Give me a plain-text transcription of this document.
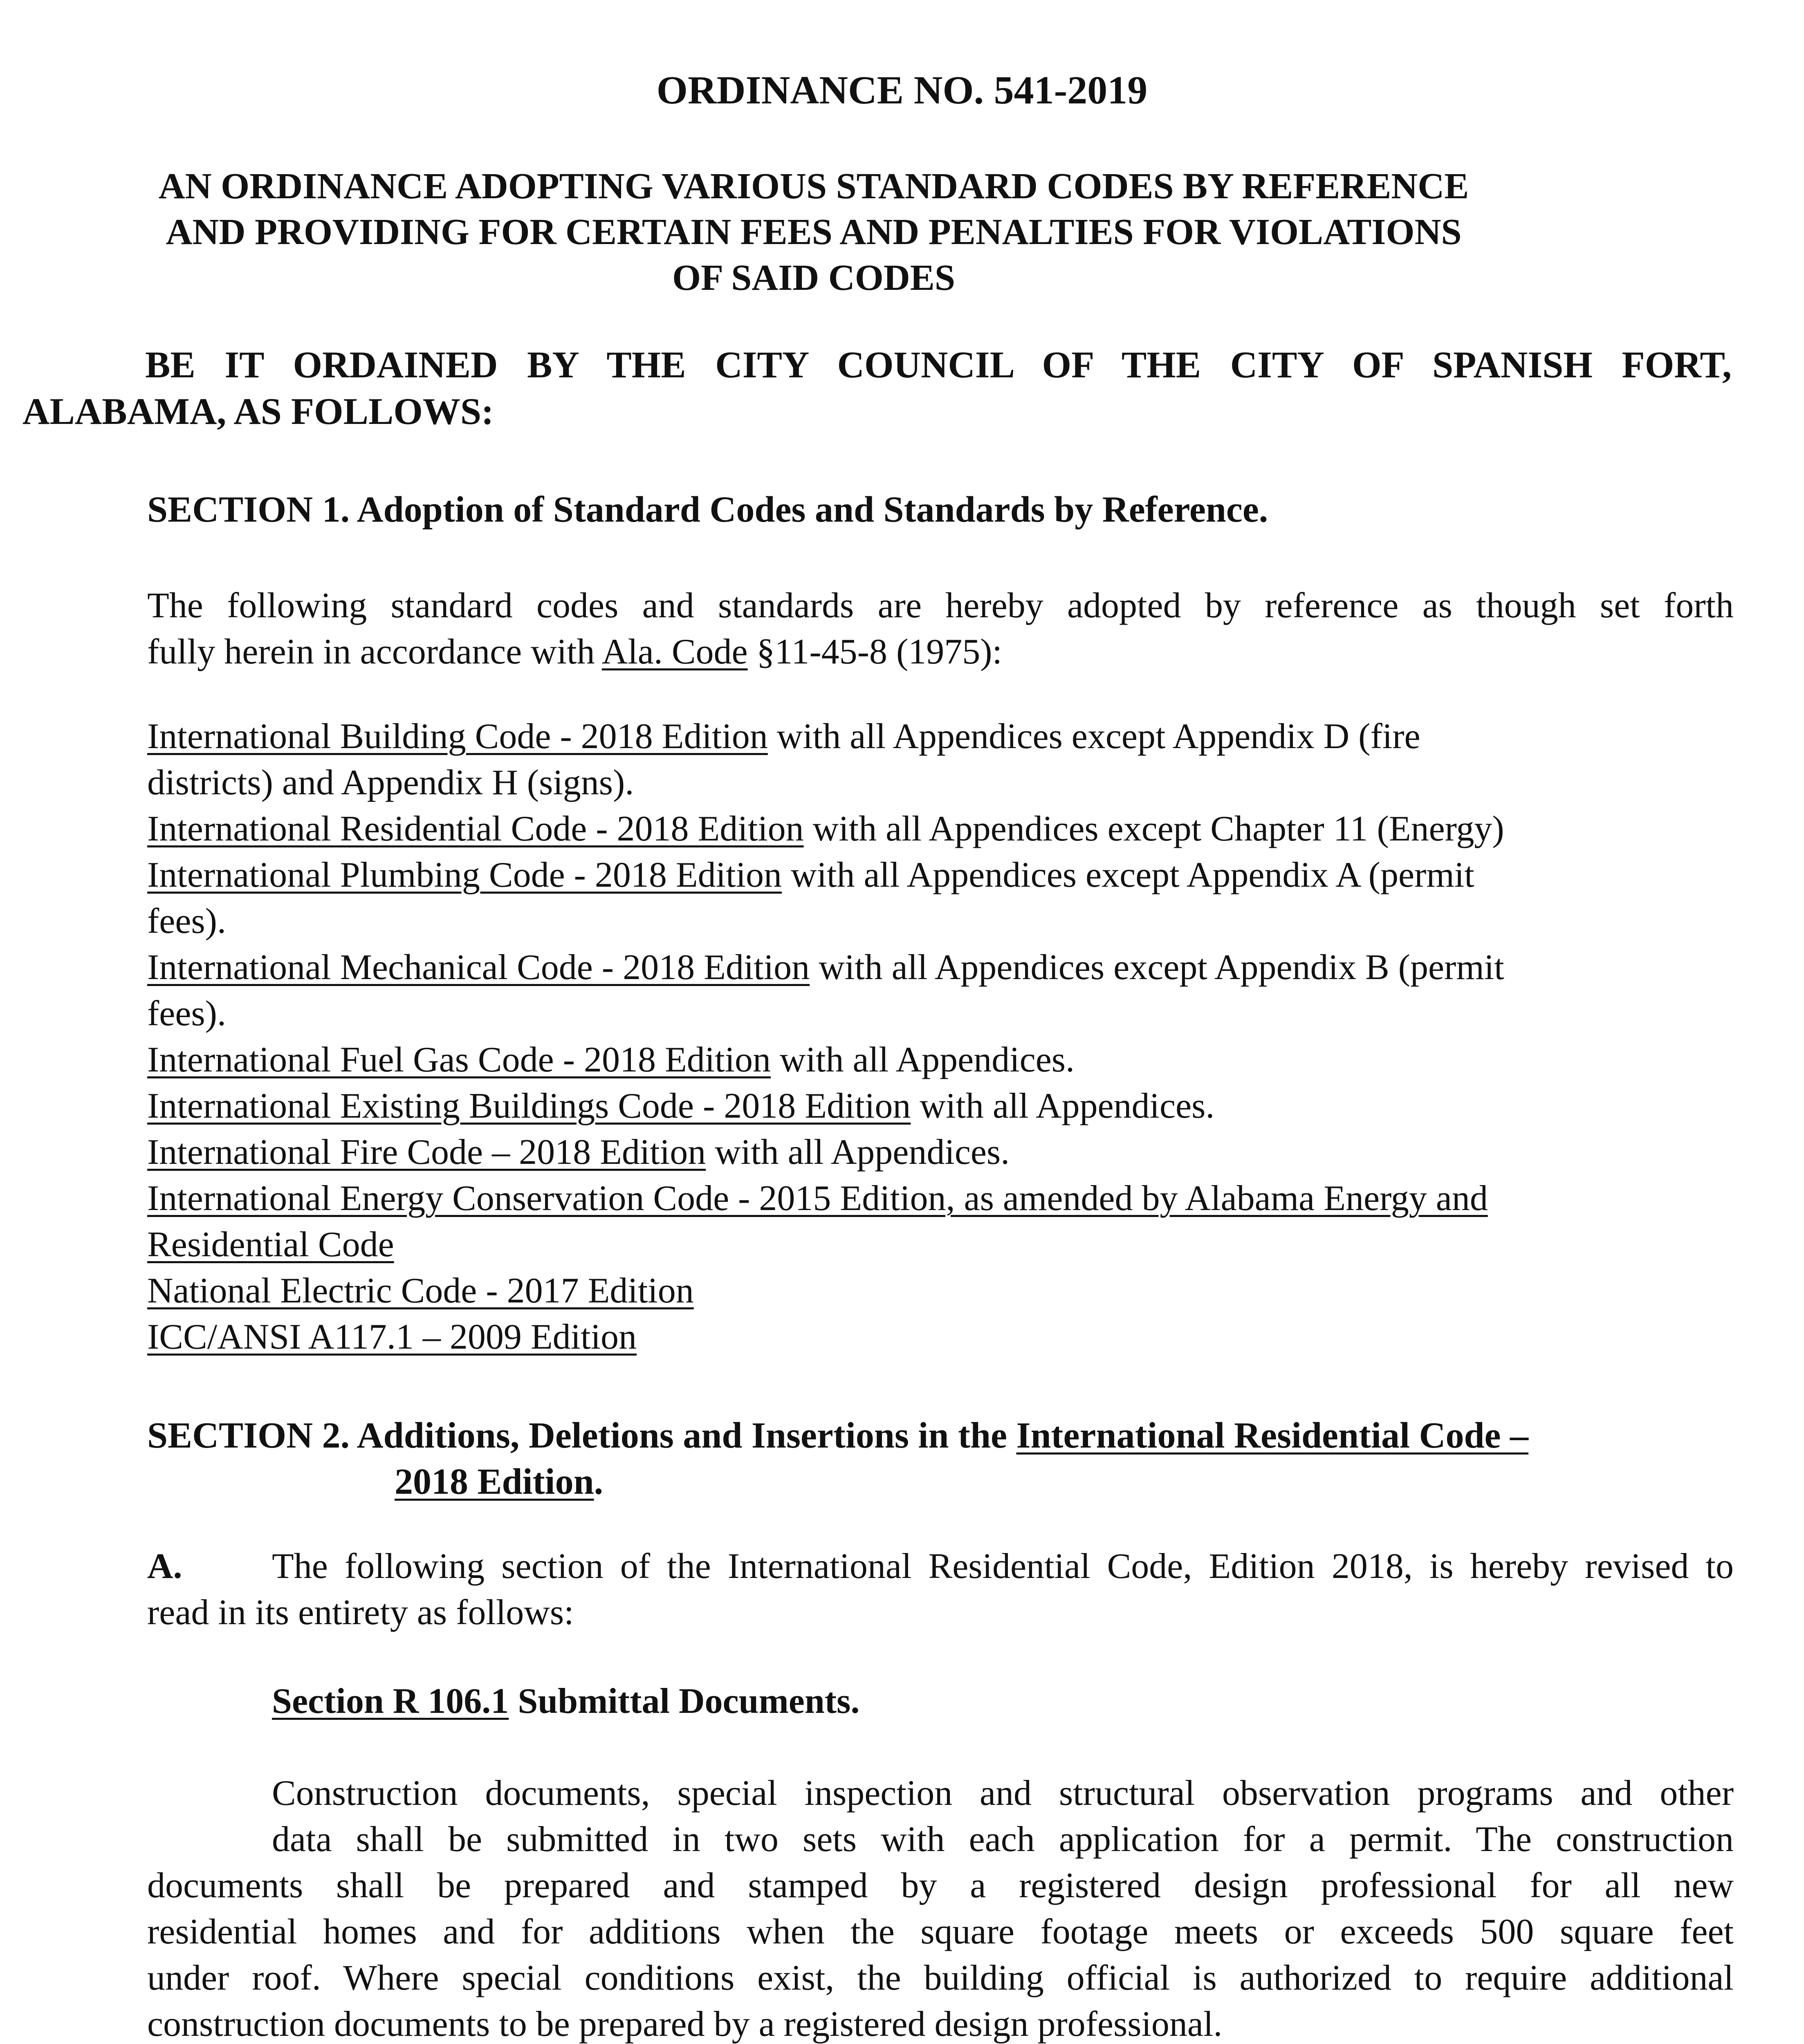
ORDINANCE NO. 541-2019
AN ORDINANCE ADOPTING VARIOUS STANDARD CODES BY REFERENCE
AND PROVIDING FOR CERTAIN FEES AND PENALTIES FOR VIOLATIONS
OF SAID CODES
BE IT ORDAINED BY THE CITY COUNCIL OF THE CITY OF SPANISH FORT,
ALABAMA, AS FOLLOWS:
SECTION 1. Adoption of Standard Codes and Standards by Reference.
The following standard codes and standards are hereby adopted by reference as though set forth
fully herein in accordance with Ala. Code §11-45-8 (1975):
International Building Code - 2018 Edition with all Appendices except Appendix D (fire
districts) and Appendix H (signs).
International Residential Code - 2018 Edition with all Appendices except Chapter 11 (Energy)
International Plumbing Code - 2018 Edition with all Appendices except Appendix A (permit
fees).
International Mechanical Code - 2018 Edition with all Appendices except Appendix B (permit
fees).
International Fuel Gas Code - 2018 Edition with all Appendices.
International Existing Buildings Code - 2018 Edition with all Appendices.
International Fire Code – 2018 Edition with all Appendices.
International Energy Conservation Code - 2015 Edition, as amended by Alabama Energy and
Residential Code
National Electric Code - 2017 Edition
ICC/ANSI A117.1 – 2009 Edition
SECTION 2. Additions, Deletions and Insertions in the International Residential Code –
2018 Edition.
A.	The following section of the International Residential Code, Edition 2018, is hereby revised to
read in its entirety as follows:
Section R 106.1 Submittal Documents.
Construction documents, special inspection and structural observation programs and other
data shall be submitted in two sets with each application for a permit. The construction
documents shall be prepared and stamped by a registered design professional for all new
residential homes and for additions when the square footage meets or exceeds 500 square feet
under roof. Where special conditions exist, the building official is authorized to require additional
construction documents to be prepared by a registered design professional.
